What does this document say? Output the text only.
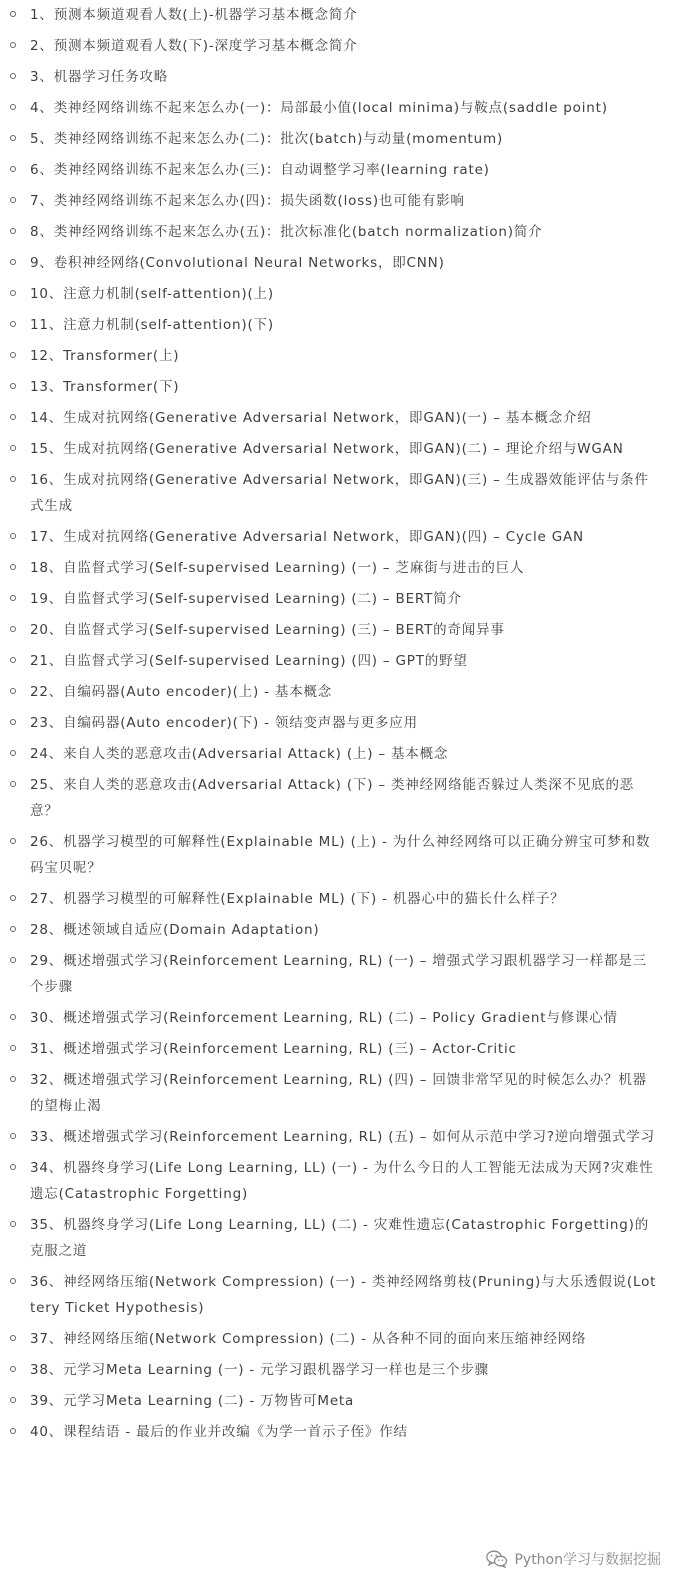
1、预测本频道观看人数(上)-机器学习基本概念简介
2、预测本频道观看人数(下)-深度学习基本概念简介
3、机器学习任务攻略
4、类神经网络训练不起来怎么办(一)：局部最小值(local minima)与鞍点(saddle point)
5、类神经网络训练不起来怎么办(二)：批次(batch)与动量(momentum)
6、类神经网络训练不起来怎么办(三)：自动调整学习率(learning rate)
7、类神经网络训练不起来怎么办(四)：损失函数(loss)也可能有影响
8、类神经网络训练不起来怎么办(五)：批次标准化(batch normalization)简介
9、卷积神经网络(Convolutional Neural Networks，即CNN)
10、注意力机制(self-attention)(上)
11、注意力机制(self-attention)(下)
12、Transformer(上)
13、Transformer(下)
14、生成对抗网络(Generative Adversarial Network，即GAN)(一) – 基本概念介绍
15、生成对抗网络(Generative Adversarial Network，即GAN)(二) – 理论介绍与WGAN
16、生成对抗网络(Generative Adversarial Network，即GAN)(三) – 生成器效能评估与条件式生成
17、生成对抗网络(Generative Adversarial Network，即GAN)(四) – Cycle GAN
18、自监督式学习(Self-supervised Learning) (一) – 芝麻街与进击的巨人
19、自监督式学习(Self-supervised Learning) (二) – BERT简介
20、自监督式学习(Self-supervised Learning) (三) – BERT的奇闻异事
21、自监督式学习(Self-supervised Learning) (四) – GPT的野望
22、自编码器(Auto encoder)(上) - 基本概念
23、自编码器(Auto encoder)(下) - 领结变声器与更多应用
24、来自人类的恶意攻击(Adversarial Attack) (上) – 基本概念
25、来自人类的恶意攻击(Adversarial Attack) (下) – 类神经网络能否躲过人类深不见底的恶意？
26、机器学习模型的可解释性(Explainable ML) (上) - 为什么神经网络可以正确分辨宝可梦和数码宝贝呢？
27、机器学习模型的可解释性(Explainable ML) (下) - 机器心中的猫长什么样子？
28、概述领域自适应(Domain Adaptation)
29、概述增强式学习(Reinforcement Learning, RL) (一) – 增强式学习跟机器学习一样都是三个步骤
30、概述增强式学习(Reinforcement Learning, RL) (二) – Policy Gradient与修课心情
31、概述增强式学习(Reinforcement Learning, RL) (三) – Actor-Critic
32、概述增强式学习(Reinforcement Learning, RL) (四) – 回馈非常罕见的时候怎么办？机器的望梅止渴
33、概述增强式学习(Reinforcement Learning, RL) (五) – 如何从示范中学习?逆向增强式学习
34、机器终身学习(Life Long Learning, LL) (一) - 为什么今日的人工智能无法成为天网?灾难性遗忘(Catastrophic Forgetting)
35、机器终身学习(Life Long Learning, LL) (二) - 灾难性遗忘(Catastrophic Forgetting)的克服之道
36、神经网络压缩(Network Compression) (一) - 类神经网络剪枝(Pruning)与大乐透假说(Lottery Ticket Hypothesis)
37、神经网络压缩(Network Compression) (二) - 从各种不同的面向来压缩神经网络
38、元学习Meta Learning (一) - 元学习跟机器学习一样也是三个步骤
39、元学习Meta Learning (二) - 万物皆可Meta
40、课程结语 - 最后的作业并改编《为学一首示子侄》作结
Python学习与数据挖掘
